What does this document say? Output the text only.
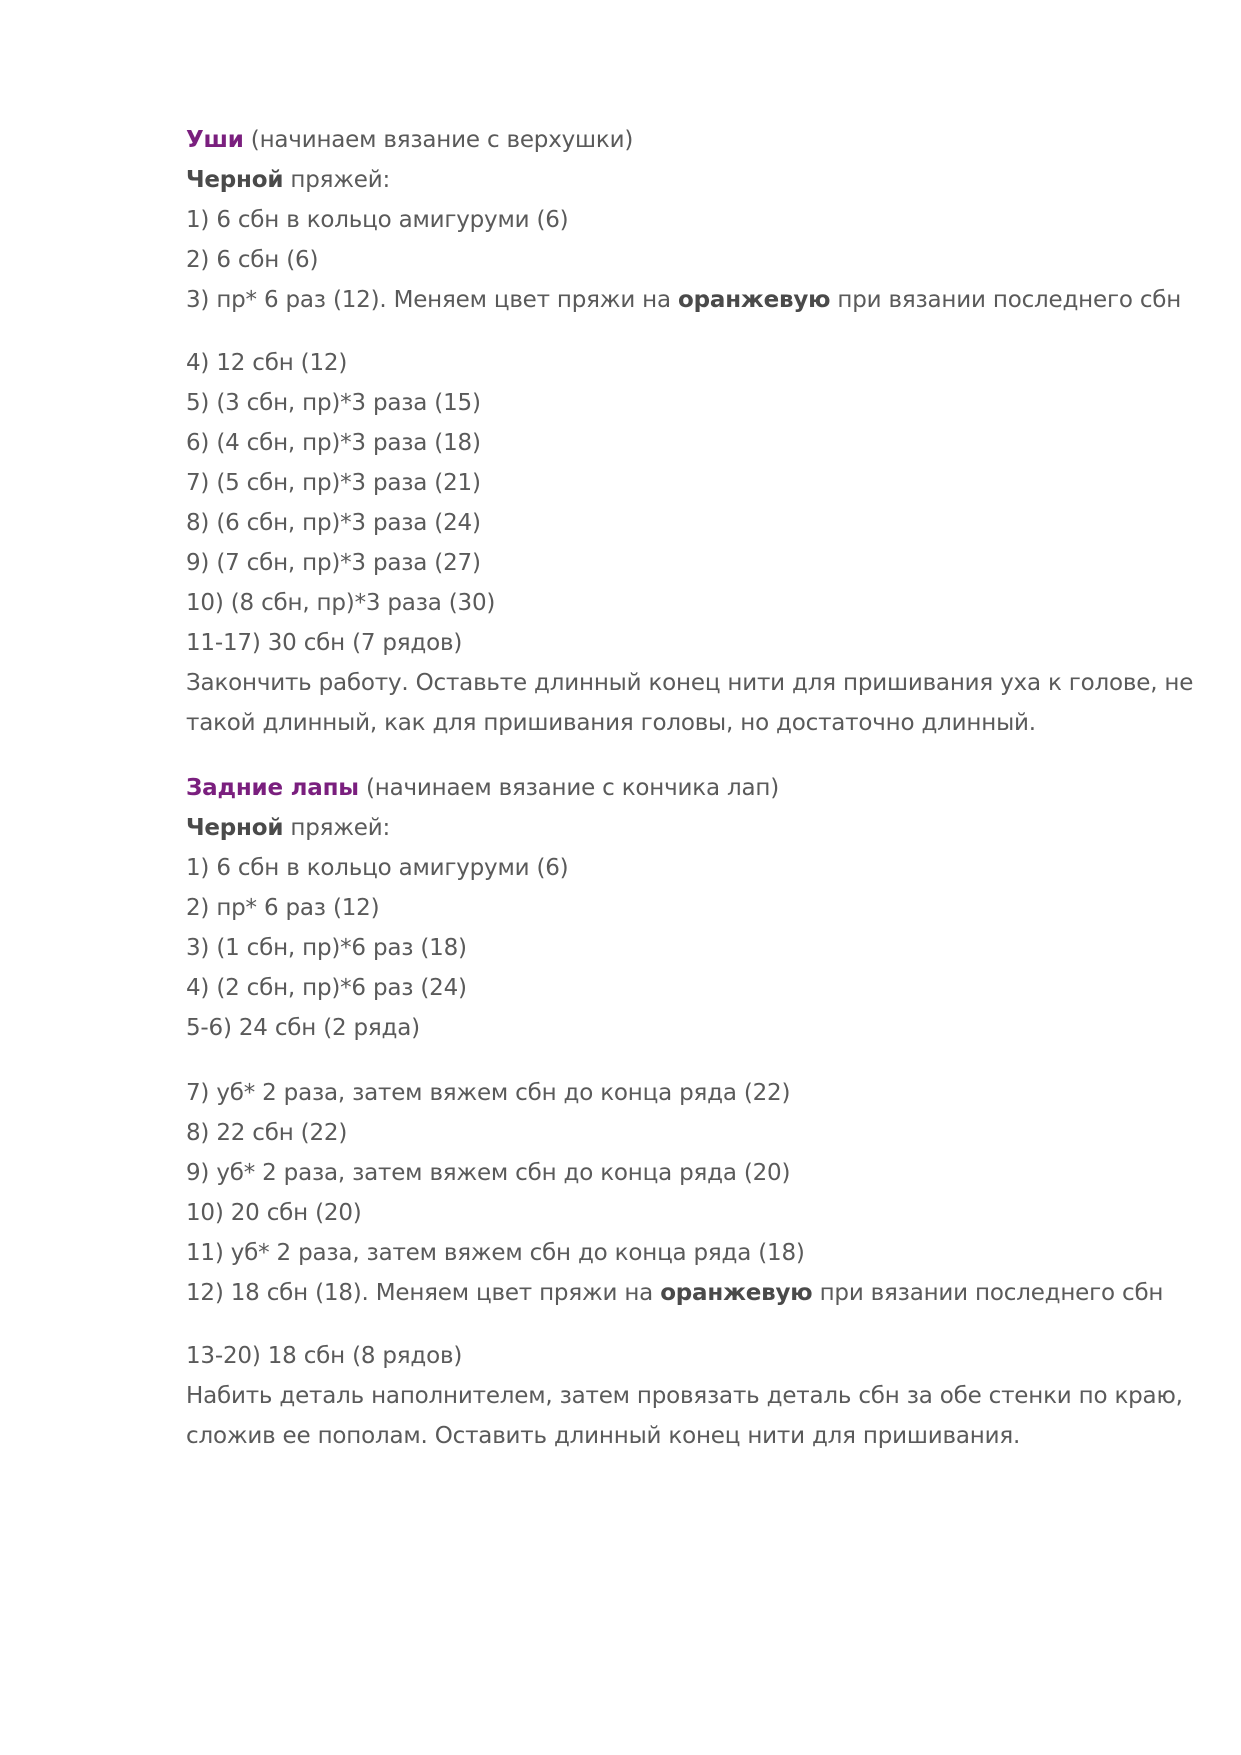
Уши (начинаем вязание с верхушки)
Черной пряжей:
1) 6 сбн в кольцо амигуруми (6)
2) 6 сбн (6)
3) пр* 6 раз (12). Меняем цвет пряжи на оранжевую при вязании последнего сбн
4) 12 сбн (12)
5) (3 сбн, пр)*3 раза (15)
6) (4 сбн, пр)*3 раза (18)
7) (5 сбн, пр)*3 раза (21)
8) (6 сбн, пр)*3 раза (24)
9) (7 сбн, пр)*3 раза (27)
10) (8 сбн, пр)*3 раза (30)
11-17) 30 сбн (7 рядов)
Закончить работу. Оставьте длинный конец нити для пришивания уха к голове, не
такой длинный, как для пришивания головы, но достаточно длинный.
Задние лапы (начинаем вязание с кончика лап)
Черной пряжей:
1) 6 сбн в кольцо амигуруми (6)
2) пр* 6 раз (12)
3) (1 сбн, пр)*6 раз (18)
4) (2 сбн, пр)*6 раз (24)
5-6) 24 сбн (2 ряда)
7) уб* 2 раза, затем вяжем сбн до конца ряда (22)
8) 22 сбн (22)
9) уб* 2 раза, затем вяжем сбн до конца ряда (20)
10) 20 сбн (20)
11) уб* 2 раза, затем вяжем сбн до конца ряда (18)
12) 18 сбн (18). Меняем цвет пряжи на оранжевую при вязании последнего сбн
13-20) 18 сбн (8 рядов)
Набить деталь наполнителем, затем провязать деталь сбн за обе стенки по краю,
сложив ее пополам. Оставить длинный конец нити для пришивания.
